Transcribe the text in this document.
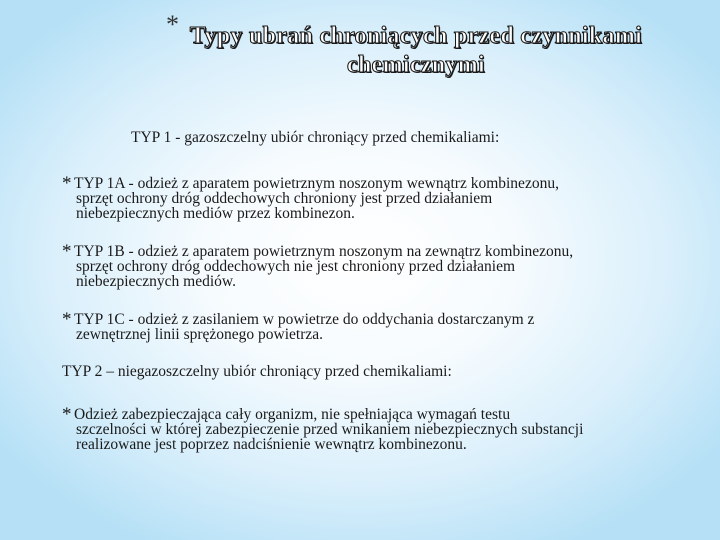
* Typy ubrań chroniących przed czynnikami
chemicznymi
TYP 1 - gazoszczelny ubiór chroniący przed chemikaliami:
* TYP 1A - odzież z aparatem powietrznym noszonym wewnątrz kombinezonu,
sprzęt ochrony dróg oddechowych chroniony jest przed działaniem
niebezpiecznych mediów przez kombinezon.
* TYP 1B - odzież z aparatem powietrznym noszonym na zewnątrz kombinezonu,
sprzęt ochrony dróg oddechowych nie jest chroniony przed działaniem
niebezpiecznych mediów.
* TYP 1C - odzież z zasilaniem w powietrze do oddychania dostarczanym z
zewnętrznej linii sprężonego powietrza.
TYP 2 – niegazoszczelny ubiór chroniący przed chemikaliami:
* Odzież zabezpieczająca cały organizm, nie spełniająca wymagań testu
szczelności w której zabezpieczenie przed wnikaniem niebezpiecznych substancji
realizowane jest poprzez nadciśnienie wewnątrz kombinezonu.
